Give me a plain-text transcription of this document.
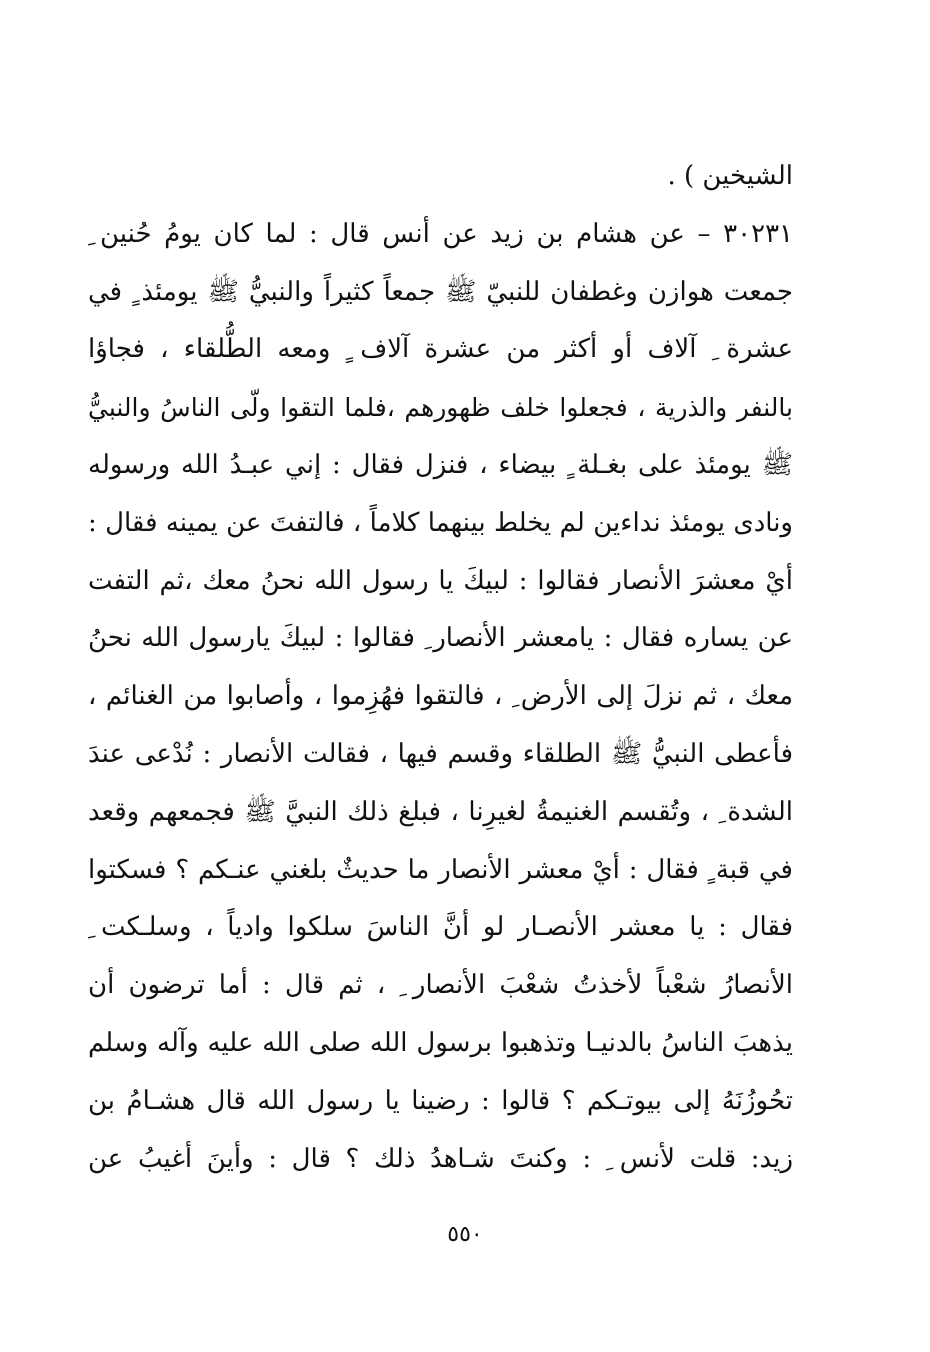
الشيخين ) .
٣٠٢٣١ – عن هشام بن زيد عن أنس قال : لما كان يومُ حُنين ِ
جمعت هوازن وغطفان للنبيّ ﷺ جمعاً كثيراً والنبيُّ ﷺ يومئذ ٍ في
عشرة ِ آلاف أو أكثر من عشرة آلاف ٍ ومعه الطُّلقاء ، فجاؤا
بالنفر والذرية ، فجعلوا خلف ظهورهم ،فلما التقوا ولّى الناسُ والنبيُّ
ﷺ يومئذ على بغـلة ٍ بيضاء ، فنزل فقال : إني عبـدُ الله ورسوله
ونادى يومئذ نداءين لم يخلط بينهما كلاماً ، فالتفتَ عن يمينه فقال :
أيْ معشرَ الأنصار فقالوا : لبيكَ يا رسول الله نحنُ معك ،ثم التفت
عن يساره فقال : يامعشر الأنصار ِ فقالوا : لبيكَ يارسول الله نحنُ
معك ، ثم نزلَ إلى الأرض ِ ، فالتقوا فهُزِموا ، وأصابوا من الغنائم ،
فأعطى النبيُّ ﷺ الطلقاء وقسم فيها ، فقالت الأنصار : نُدْعى عندَ
الشدة ِ ، وتُقسم الغنيمةُ لغيرِنا ، فبلغ ذلك النبيَّ ﷺ فجمعهم وقعد
في قبة ٍ فقال : أيْ معشر الأنصار ما حديثٌ بلغني عنـكم ؟ فسكتوا
فقال : يا معشر الأنصـار لو أنَّ الناسَ سلكوا وادياً ، وسلـكت ِ
الأنصارُ شعْباً لأخذتُ شعْبَ الأنصار ِ ، ثم قال : أما ترضون أن
يذهبَ الناسُ بالدنيـا وتذهبوا برسول الله صلى الله عليه وآله وسلم
تحُوزُنَهُ إلى بيوتـكم ؟ قالوا : رضينا يا رسول الله قال هشـامُ بن
زيد: قلت لأنس ِ : وكنتَ شـاهدُ ذلك ؟ قال : وأينَ أغيبُ عن
٥٥٠
